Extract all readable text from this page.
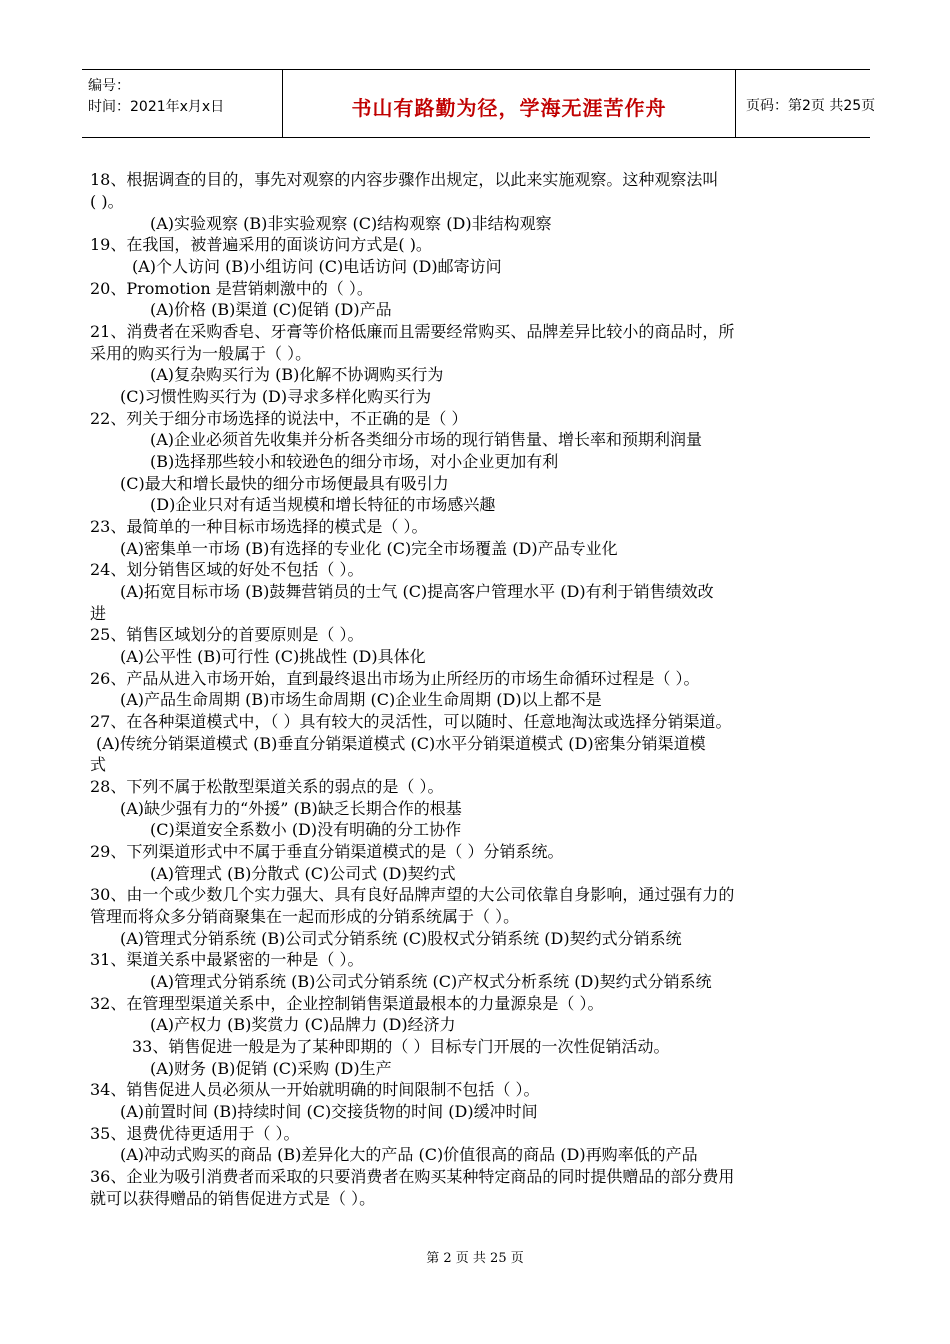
编号：
时间：2021年x月x日	书山有路勤为径，学海无涯苦作舟	页码：第2页 共25页
18、根据调查的目的，事先对观察的内容步骤作出规定，以此来实施观察。这种观察法叫
( )。
(A)实验观察 (B)非实验观察 (C)结构观察 (D)非结构观察
19、在我国，被普遍采用的面谈访问方式是( )。
(A)个人访问 (B)小组访问 (C)电话访问 (D)邮寄访问
20、Promotion 是营销刺激中的（ ）。
(A)价格 (B)渠道 (C)促销 (D)产品
21、消费者在采购香皂、牙膏等价格低廉而且需要经常购买、品牌差异比较小的商品时，所
采用的购买行为一般属于（ ）。
(A)复杂购买行为 (B)化解不协调购买行为
(C)习惯性购买行为 (D)寻求多样化购买行为
22、列关于细分市场选择的说法中，不正确的是（ ）
(A)企业必须首先收集并分析各类细分市场的现行销售量、增长率和预期利润量
(B)选择那些较小和较逊色的细分市场，对小企业更加有利
(C)最大和增长最快的细分市场便最具有吸引力
(D)企业只对有适当规模和增长特征的市场感兴趣
23、最简单的一种目标市场选择的模式是（ ）。
(A)密集单一市场 (B)有选择的专业化 (C)完全市场覆盖 (D)产品专业化
24、划分销售区域的好处不包括（ ）。
(A)拓宽目标市场 (B)鼓舞营销员的士气 (C)提高客户管理水平 (D)有利于销售绩效改
进
25、销售区域划分的首要原则是（ ）。
(A)公平性 (B)可行性 (C)挑战性 (D)具体化
26、产品从进入市场开始，直到最终退出市场为止所经历的市场生命循环过程是（ ）。
(A)产品生命周期 (B)市场生命周期 (C)企业生命周期 (D)以上都不是
27、在各种渠道模式中，（ ）具有较大的灵活性，可以随时、任意地淘汰或选择分销渠道。
(A)传统分销渠道模式 (B)垂直分销渠道模式 (C)水平分销渠道模式 (D)密集分销渠道模
式
28、下列不属于松散型渠道关系的弱点的是（ ）。
(A)缺少强有力的“外援” (B)缺乏长期合作的根基
(C)渠道安全系数小 (D)没有明确的分工协作
29、下列渠道形式中不属于垂直分销渠道模式的是（ ）分销系统。
(A)管理式 (B)分散式 (C)公司式 (D)契约式
30、由一个或少数几个实力强大、具有良好品牌声望的大公司依靠自身影响，通过强有力的
管理而将众多分销商聚集在一起而形成的分销系统属于（ ）。
(A)管理式分销系统 (B)公司式分销系统 (C)股权式分销系统 (D)契约式分销系统
31、渠道关系中最紧密的一种是（ ）。
(A)管理式分销系统 (B)公司式分销系统 (C)产权式分析系统 (D)契约式分销系统
32、在管理型渠道关系中，企业控制销售渠道最根本的力量源泉是（ ）。
(A)产权力 (B)奖赏力 (C)品牌力 (D)经济力
33、销售促进一般是为了某种即期的（ ）目标专门开展的一次性促销活动。
(A)财务 (B)促销 (C)采购 (D)生产
34、销售促进人员必须从一开始就明确的时间限制不包括（ ）。
(A)前置时间 (B)持续时间 (C)交接货物的时间 (D)缓冲时间
35、退费优待更适用于（ ）。
(A)冲动式购买的商品 (B)差异化大的产品 (C)价值很高的商品 (D)再购率低的产品
36、企业为吸引消费者而采取的只要消费者在购买某种特定商品的同时提供赠品的部分费用
就可以获得赠品的销售促进方式是（ ）。
第 2 页 共 25 页
